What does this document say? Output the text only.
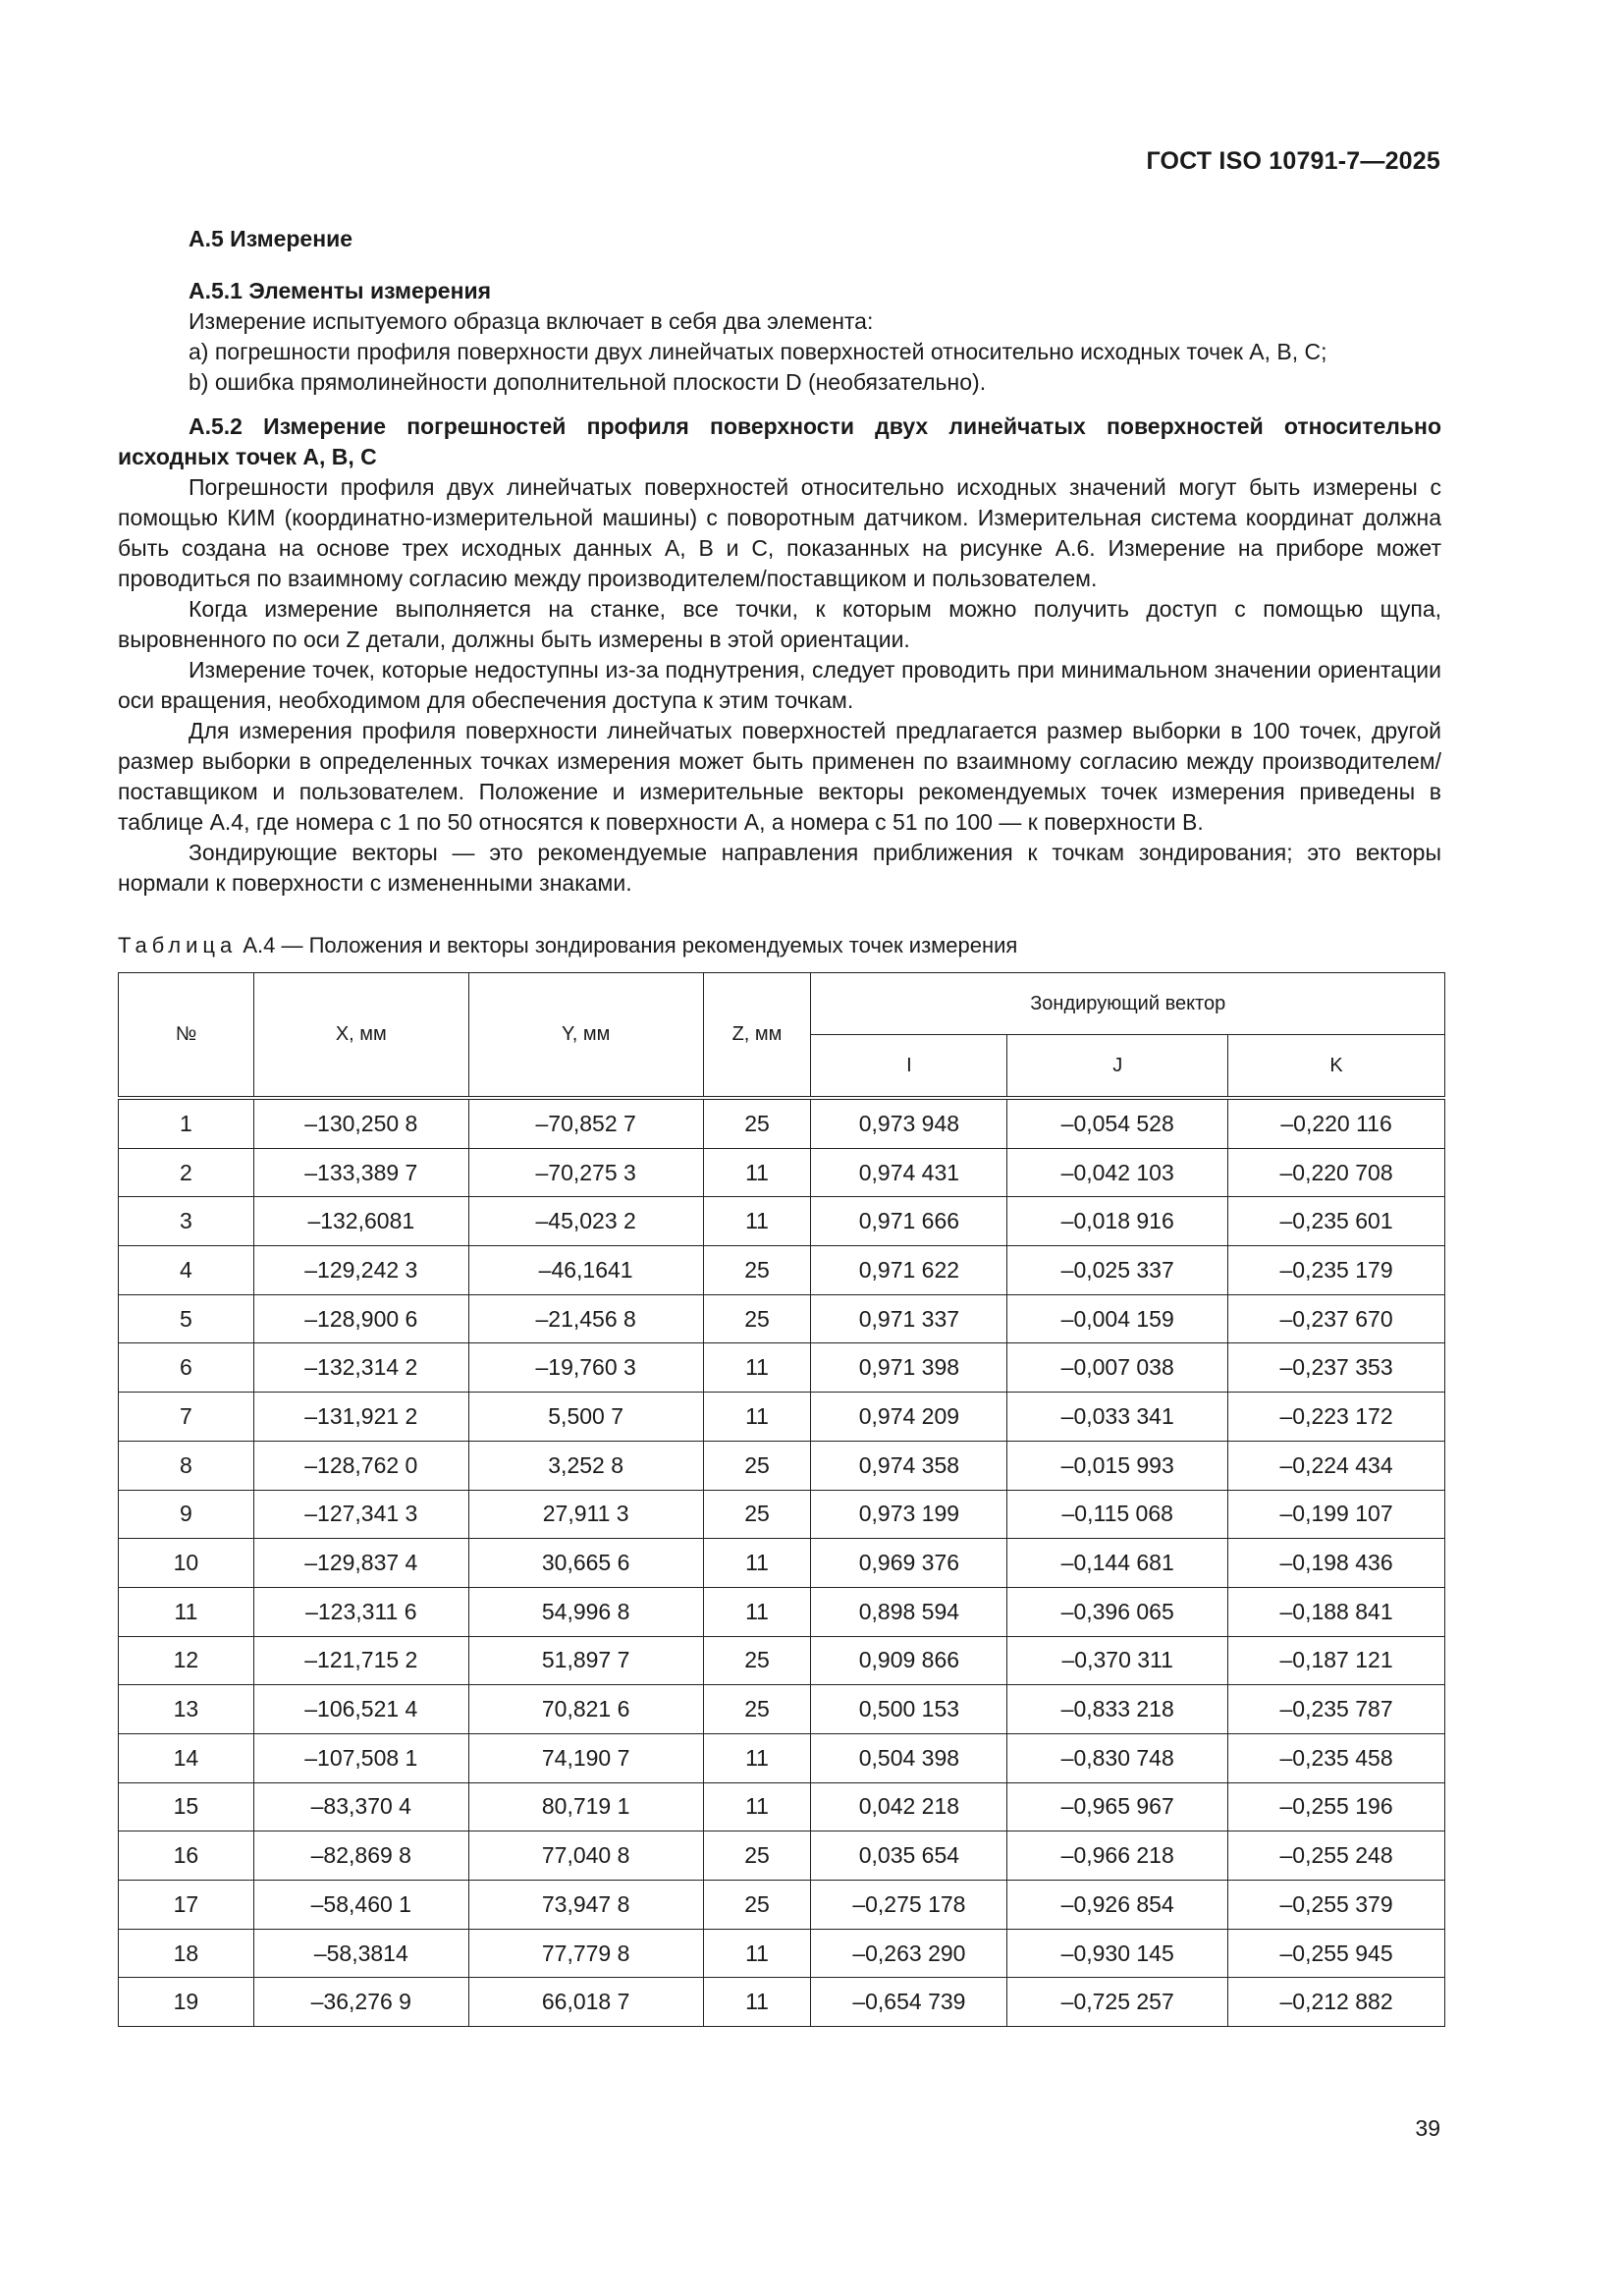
ГОСТ ISO 10791-7—2025
А.5 Измерение
А.5.1 Элементы измерения
Измерение испытуемого образца включает в себя два элемента:
a) погрешности профиля поверхности двух линейчатых поверхностей относительно исходных точек А, В, С;
b) ошибка прямолинейности дополнительной плоскости D (необязательно).
А.5.2 Измерение погрешностей профиля поверхности двух линейчатых поверхностей относительно исходных точек А, В, С

Погрешности профиля двух линейчатых поверхностей относительно исходных значений могут быть измерены с помощью КИМ (координатно-измерительной машины) с поворотным датчиком. Измерительная система координат должна быть создана на основе трех исходных данных А, В и С, показанных на рисунке А.6. Измерение на приборе может проводиться по взаимному согласию между производителем/поставщиком и пользователем.

Когда измерение выполняется на станке, все точки, к которым можно получить доступ с помощью щупа, выровненного по оси Z детали, должны быть измерены в этой ориентации.

Измерение точек, которые недоступны из-за поднутрения, следует проводить при минимальном значении ориентации оси вращения, необходимом для обеспечения доступа к этим точкам.

Для измерения профиля поверхности линейчатых поверхностей предлагается размер выборки в 100 точек, другой размер выборки в определенных точках измерения может быть применен по взаимному согласию между производителем/поставщиком и пользователем. Положение и измерительные векторы рекомендуемых точек измерения приведены в таблице А.4, где номера с 1 по 50 относятся к поверхности А, а номера с 51 по 100 — к поверхности В.

Зондирующие векторы — это рекомендуемые направления приближения к точкам зондирования; это векторы нормали к поверхности с измененными знаками.

Таблица А.4 — Положения и векторы зондирования рекомендуемых точек измерения
№	X, мм	Y, мм	Z, мм	Зондирующий вектор		
				I	J	K
1	–130,250 8	–70,852 7	25	0,973 948	–0,054 528	–0,220 116
2	–133,389 7	–70,275 3	11	0,974 431	–0,042 103	–0,220 708
3	–132,6081	–45,023 2	11	0,971 666	–0,018 916	–0,235 601
4	–129,242 3	–46,1641	25	0,971 622	–0,025 337	–0,235 179
5	–128,900 6	–21,456 8	25	0,971 337	–0,004 159	–0,237 670
6	–132,314 2	–19,760 3	11	0,971 398	–0,007 038	–0,237 353
7	–131,921 2	5,500 7	11	0,974 209	–0,033 341	–0,223 172
8	–128,762 0	3,252 8	25	0,974 358	–0,015 993	–0,224 434
9	–127,341 3	27,911 3	25	0,973 199	–0,115 068	–0,199 107
10	–129,837 4	30,665 6	11	0,969 376	–0,144 681	–0,198 436
11	–123,311 6	54,996 8	11	0,898 594	–0,396 065	–0,188 841
12	–121,715 2	51,897 7	25	0,909 866	–0,370 311	–0,187 121
13	–106,521 4	70,821 6	25	0,500 153	–0,833 218	–0,235 787
14	–107,508 1	74,190 7	11	0,504 398	–0,830 748	–0,235 458
15	–83,370 4	80,719 1	11	0,042 218	–0,965 967	–0,255 196
16	–82,869 8	77,040 8	25	0,035 654	–0,966 218	–0,255 248
17	–58,460 1	73,947 8	25	–0,275 178	–0,926 854	–0,255 379
18	–58,3814	77,779 8	11	–0,263 290	–0,930 145	–0,255 945
19	–36,276 9	66,018 7	11	–0,654 739	–0,725 257	–0,212 882
39
